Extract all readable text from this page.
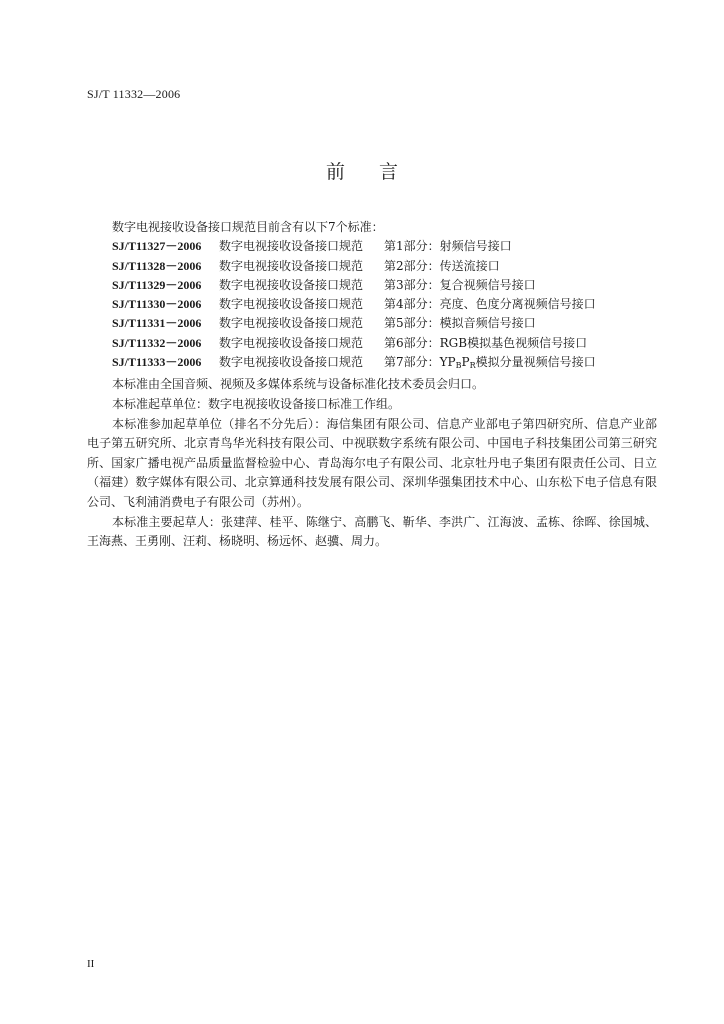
SJ/T 11332—2006
前 言

数字电视接收设备接口规范目前含有以下7个标准：

SJ/T11327－2006 数字电视接收设备接口规范 第1部分：射频信号接口

SJ/T11328－2006 数字电视接收设备接口规范 第2部分：传送流接口

SJ/T11329－2006 数字电视接收设备接口规范 第3部分：复合视频信号接口

SJ/T11330－2006 数字电视接收设备接口规范 第4部分：亮度、色度分离视频信号接口

SJ/T11331－2006 数字电视接收设备接口规范 第5部分：模拟音频信号接口

SJ/T11332－2006 数字电视接收设备接口规范 第6部分：RGB模拟基色视频信号接口

SJ/T11333－2006 数字电视接收设备接口规范 第7部分：$YP_BP_R$模拟分量视频信号接口

本标准由全国音频、视频及多媒体系统与设备标准化技术委员会归口。

本标准起草单位：数字电视接收设备接口标准工作组。

本标准参加起草单位（排名不分先后）：海信集团有限公司、信息产业部电子第四研究所、信息产业部电子第五研究所、北京青鸟华光科技有限公司、中视联数字系统有限公司、中国电子科技集团公司第三研究所、国家广播电视产品质量监督检验中心、青岛海尔电子有限公司、北京牡丹电子集团有限责任公司、日立（福建）数字媒体有限公司、北京算通科技发展有限公司、深圳华强集团技术中心、山东松下电子信息有限公司、飞利浦消费电子有限公司（苏州）。

本标准主要起草人：张建萍、桂平、陈继宁、高鹏飞、靳华、李洪广、江海波、孟栋、徐晖、徐国城、王海燕、王勇刚、汪莉、杨晓明、杨远怀、赵骥、周力。

II
